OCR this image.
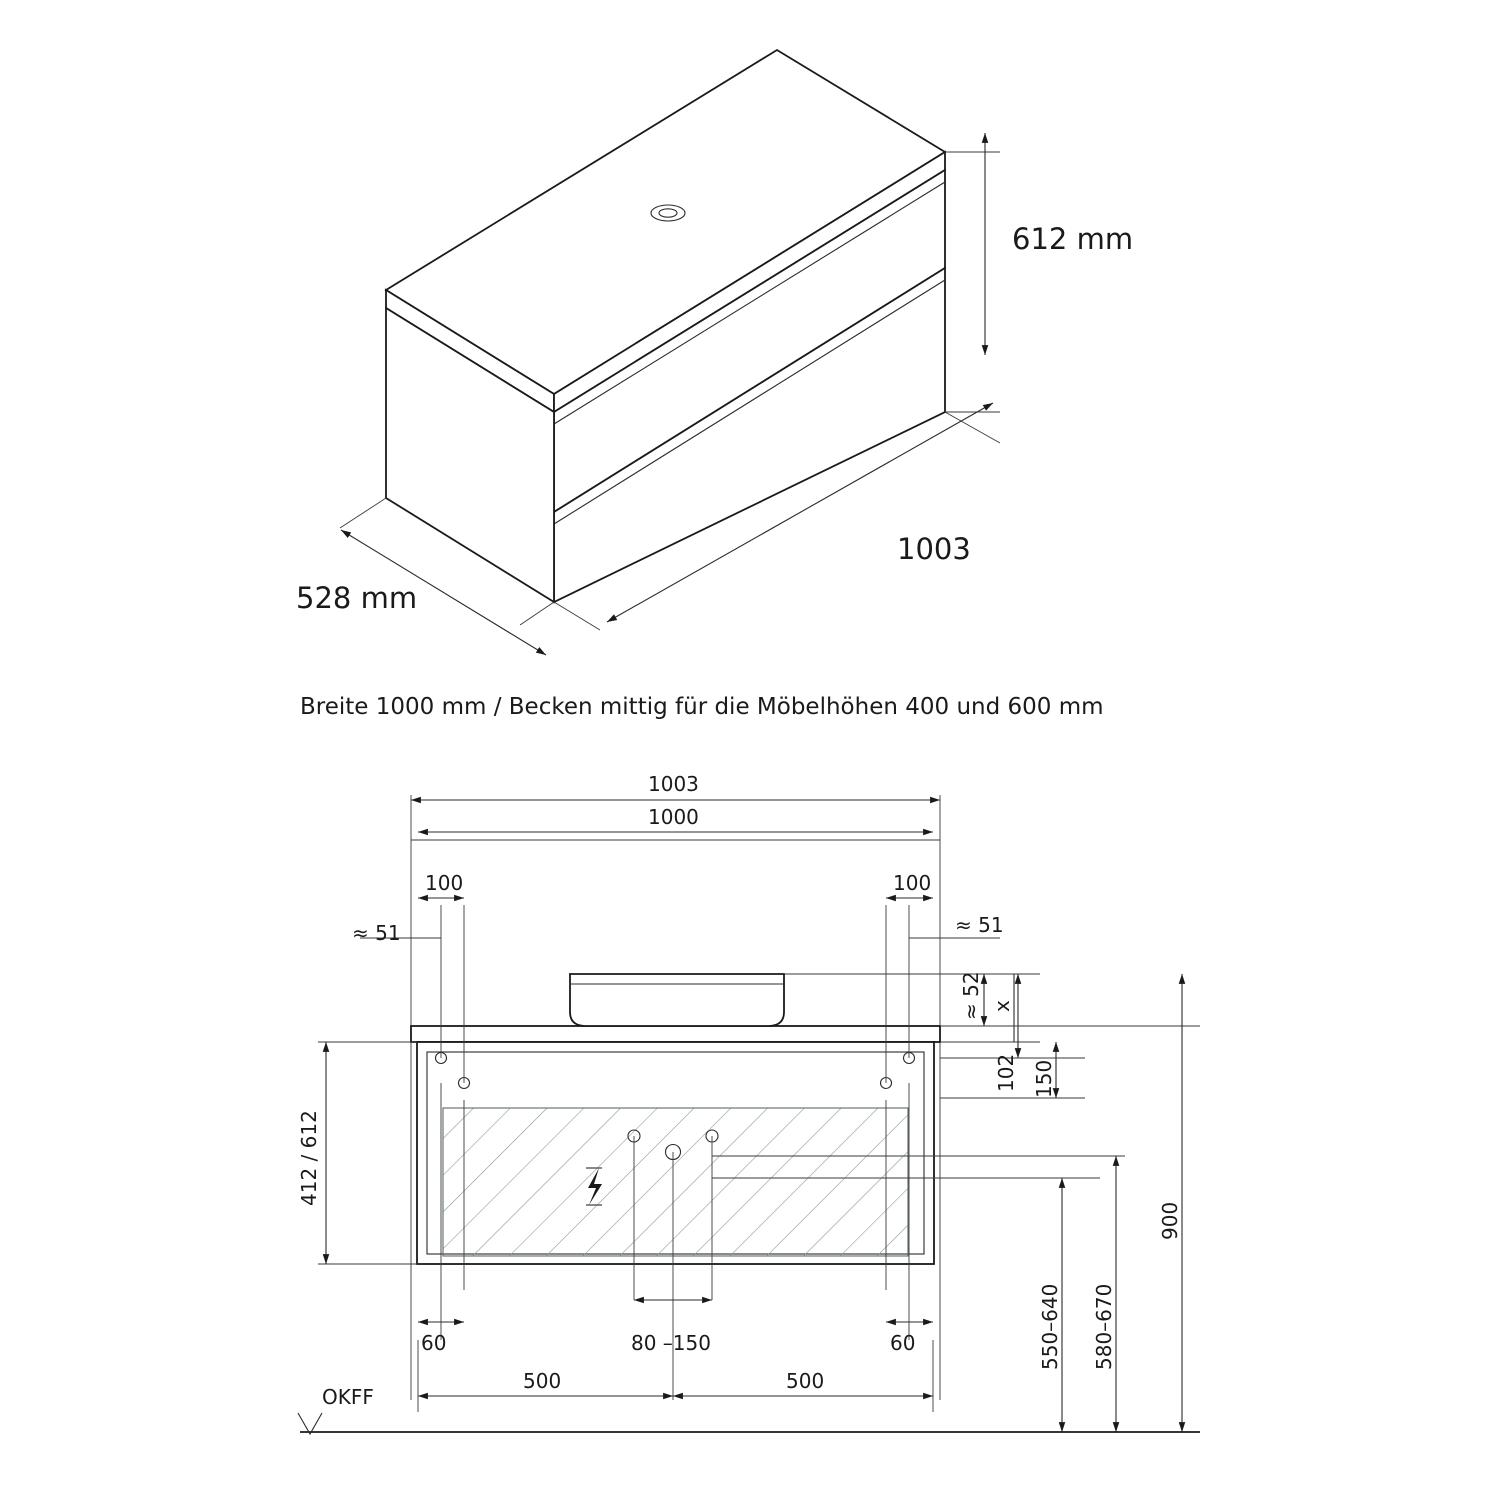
612 mm
1003
528 mm
Breite 1000 mm / Becken mittig für die Möbelhöhen 400 und 600 mm
1003
1000
100
≈ 51
100
≈ 51
≈ 52 x
102 150
412 / 612
900
550–640 580–670
60	60
80 –150
500	500
OKFF
